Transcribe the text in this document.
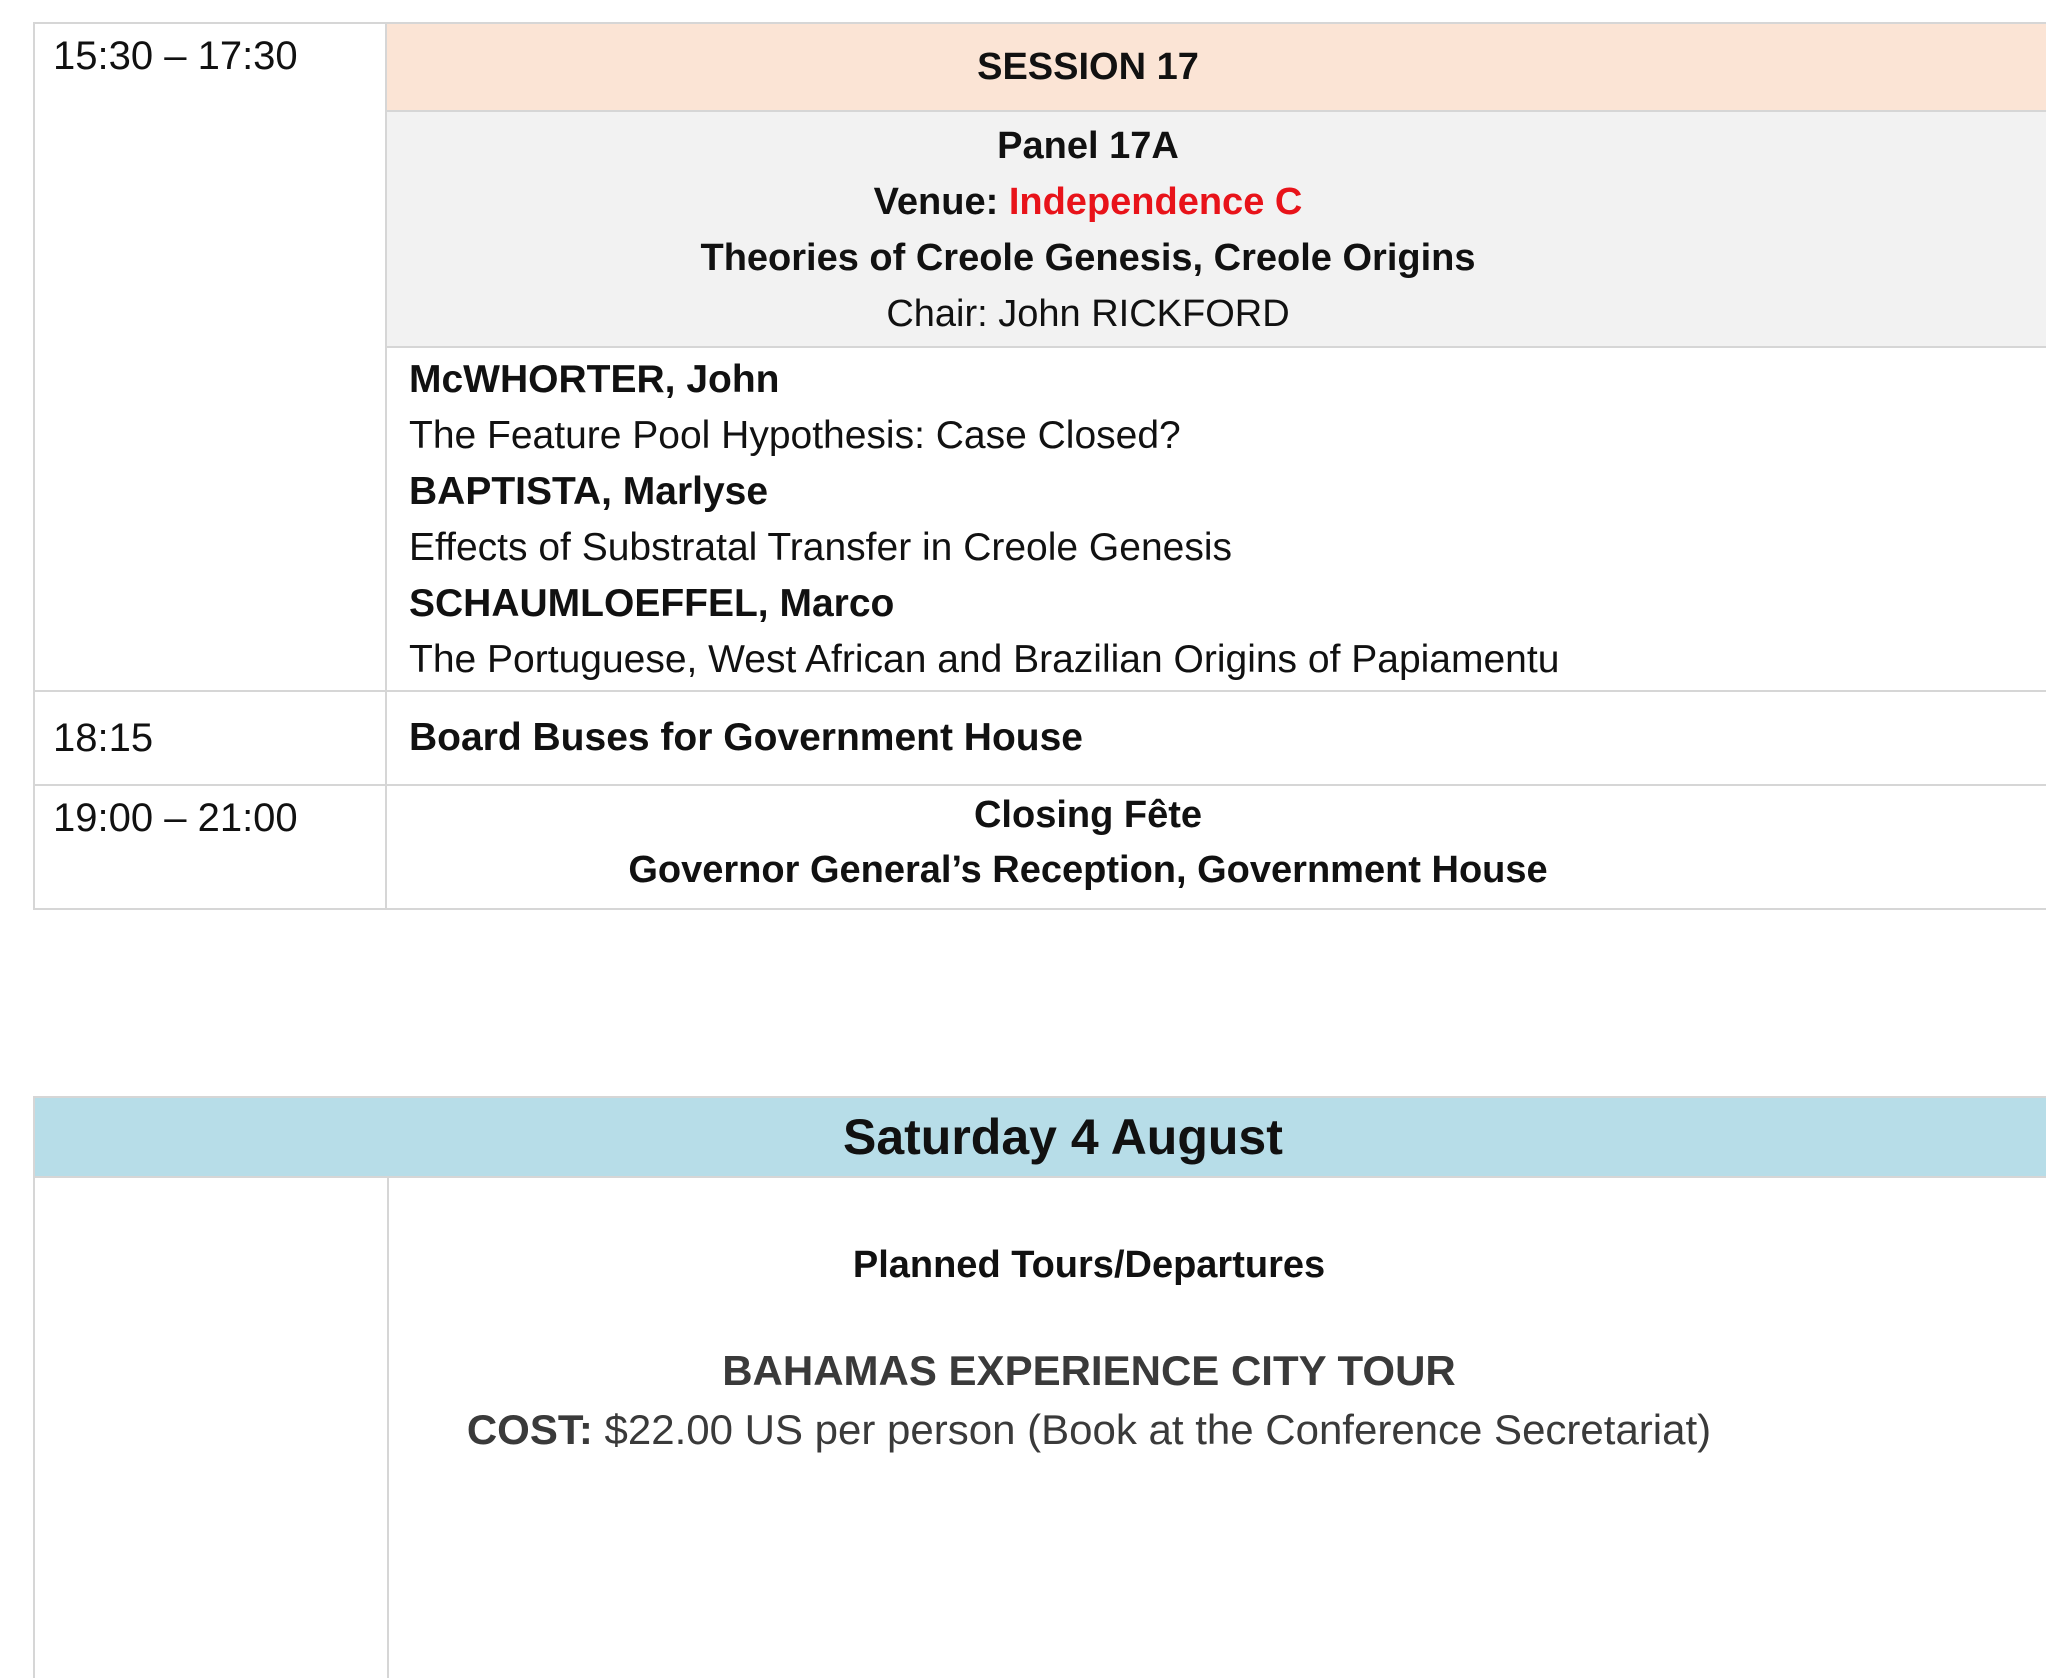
15:30 – 17:30	SESSION 17
Panel 17A
Venue: Independence C
Theories of Creole Genesis, Creole Origins
Chair: John RICKFORD
McWHORTER, John
The Feature Pool Hypothesis: Case Closed?
BAPTISTA, Marlyse
Effects of Substratal Transfer in Creole Genesis
SCHAUMLOEFFEL, Marco
The Portuguese, West African and Brazilian Origins of Papiamentu
18:15	Board Buses for Government House
19:00 – 21:00	Closing Fête
Governor General’s Reception, Government House
Saturday 4 August
Planned Tours/Departures
BAHAMAS EXPERIENCE CITY TOUR
COST: $22.00 US per person (Book at the Conference Secretariat)
